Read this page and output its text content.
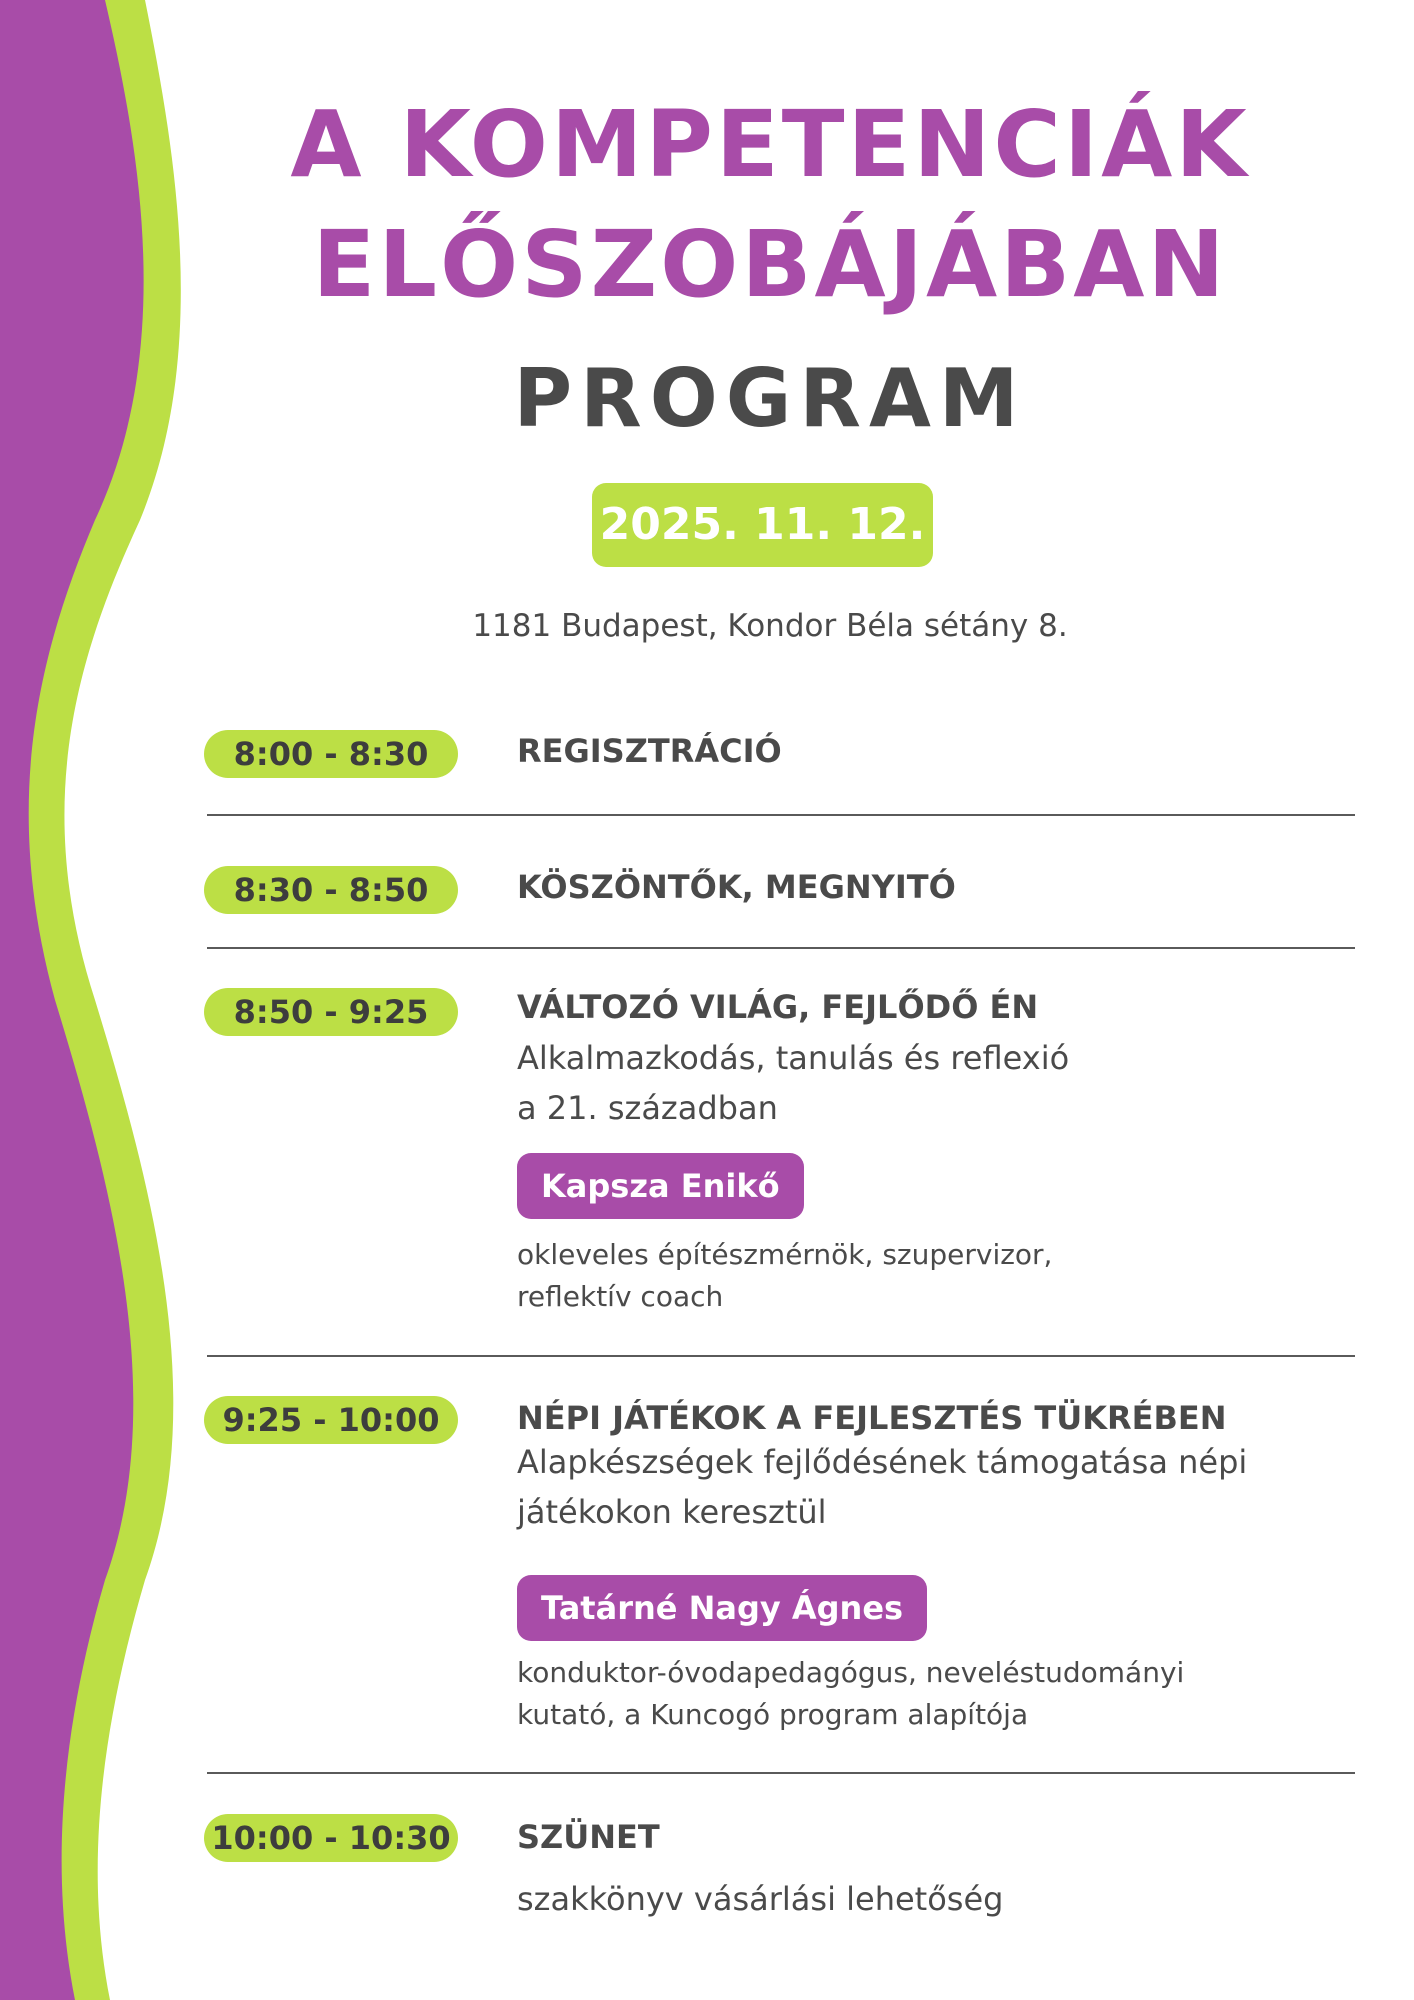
A KOMPETENCIÁK
ELŐSZOBÁJÁBAN
PROGRAM
2025. 11. 12.
1181 Budapest, Kondor Béla sétány 8.
8:00 - 8:30	REGISZTRÁCIÓ
8:30 - 8:50	KÖSZÖNTŐK, MEGNYITÓ
8:50 - 9:25	VÁLTOZÓ VILÁG, FEJLŐDŐ ÉN
Alkalmazkodás, tanulás és reflexió
a 21. században
Kapsza Enikő
okleveles építészmérnök, szupervizor,
reflektív coach
9:25 - 10:00	NÉPI JÁTÉKOK A FEJLESZTÉS TÜKRÉBEN
Alapkészségek fejlődésének támogatása népi
játékokon keresztül
Tatárné Nagy Ágnes
konduktor-óvodapedagógus, neveléstudományi
kutató, a Kuncogó program alapítója
10:00 - 10:30 SZÜNET
szakkönyv vásárlási lehetőség
